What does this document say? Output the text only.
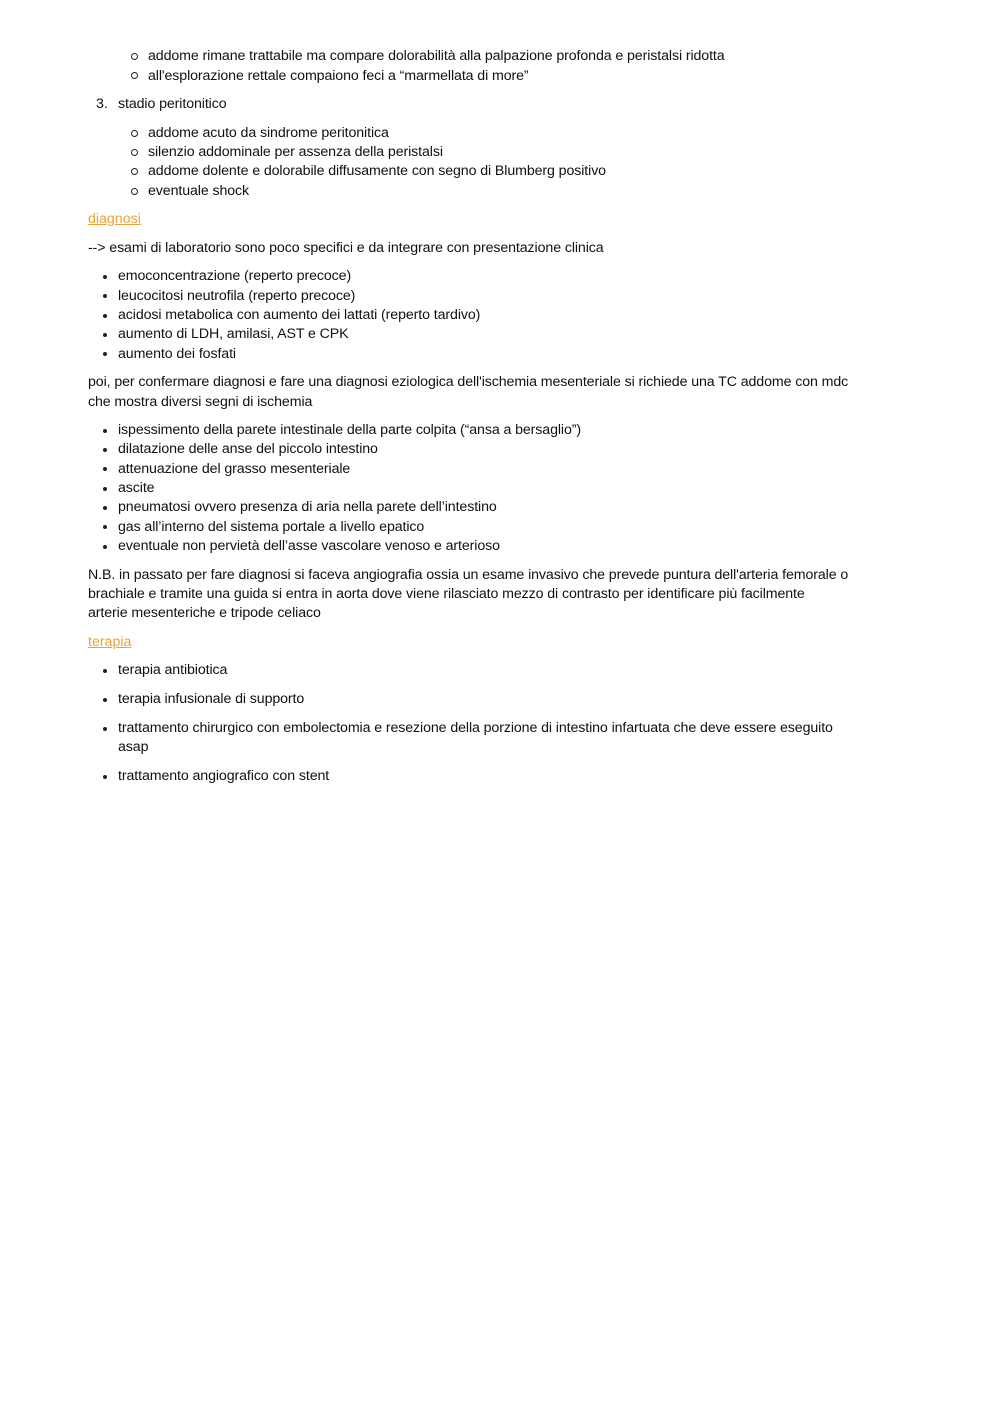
addome rimane trattabile ma compare dolorabilità alla palpazione profonda e peristalsi ridotta
all'esplorazione rettale compaiono feci a “marmellata di more”
3. stadio peritonitico
addome acuto da sindrome peritonitica
silenzio addominale per assenza della peristalsi
addome dolente e dolorabile diffusamente con segno di Blumberg positivo
eventuale shock
diagnosi
--> esami di laboratorio sono poco specifici e da integrare con presentazione clinica
emoconcentrazione (reperto precoce)
leucocitosi neutrofila (reperto precoce)
acidosi metabolica con aumento dei lattati (reperto tardivo)
aumento di LDH, amilasi, AST e CPK
aumento dei fosfati
poi, per confermare diagnosi e fare una diagnosi eziologica dell'ischemia mesenteriale si richiede una TC addome con mdc
che mostra diversi segni di ischemia
ispessimento della parete intestinale della parte colpita (“ansa a bersaglio”)
dilatazione delle anse del piccolo intestino
attenuazione del grasso mesenteriale
ascite
pneumatosi ovvero presenza di aria nella parete dell’intestino
gas all’interno del sistema portale a livello epatico
eventuale non pervietà dell’asse vascolare venoso e arterioso
N.B. in passato per fare diagnosi si faceva angiografia ossia un esame invasivo che prevede puntura dell'arteria femorale o
brachiale e tramite una guida si entra in aorta dove viene rilasciato mezzo di contrasto per identificare più facilmente
arterie mesenteriche e tripode celiaco
terapia
terapia antibiotica
terapia infusionale di supporto
trattamento chirurgico con embolectomia e resezione della porzione di intestino infartuata che deve essere eseguito
asap
trattamento angiografico con stent
